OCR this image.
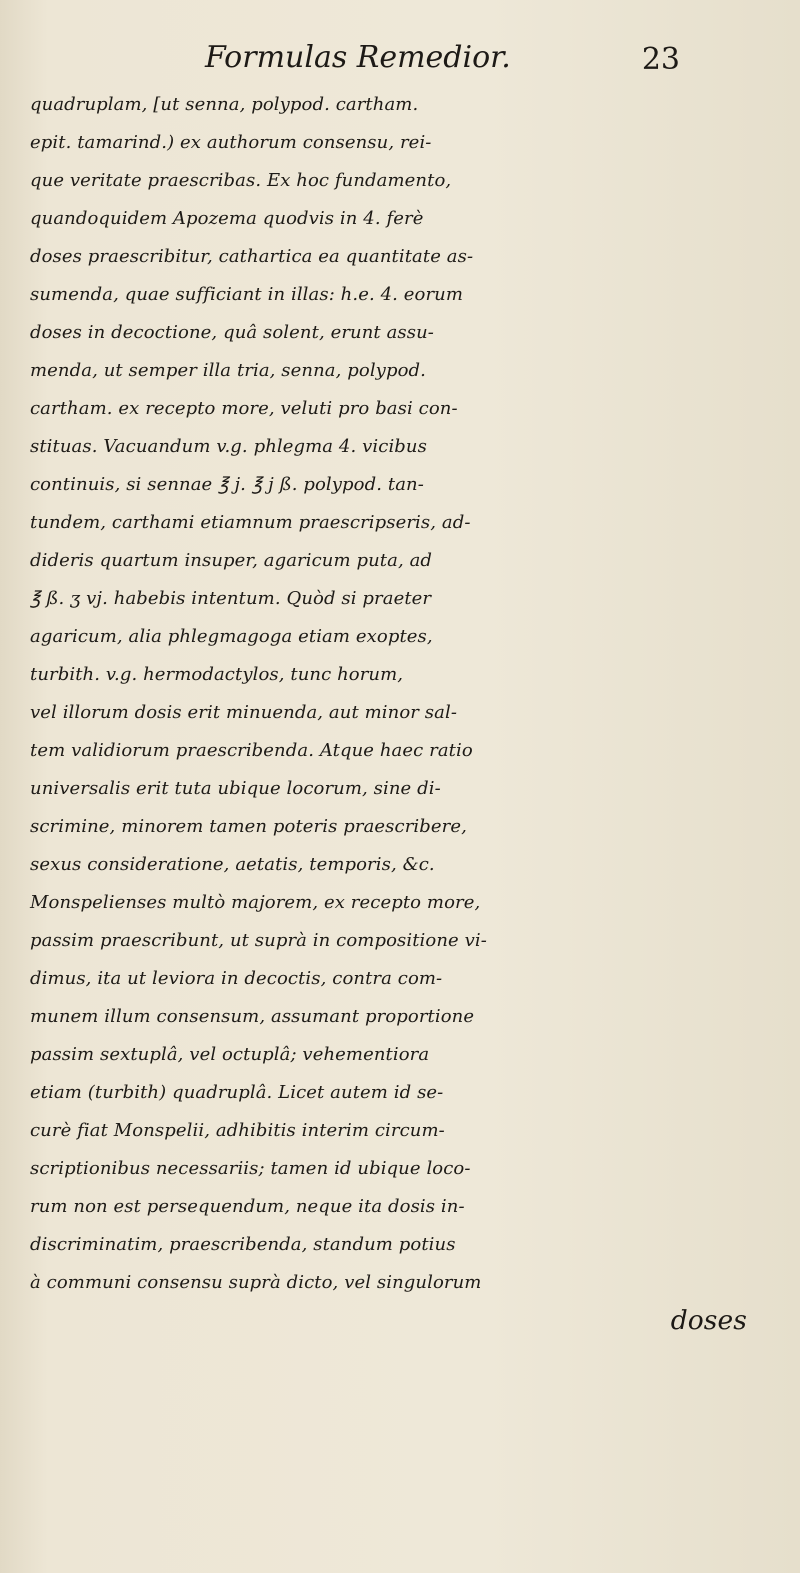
Formulas Remedior.	23
quadruplam, [ut senna, polypod. cartham.
epit. tamarind.) ex authorum consensu, rei-
que veritate praescribas. Ex hoc fundamento,
quandoquidem Apozema quodvis in 4. ferè
doses praescribitur, cathartica ea quantitate as-
sumenda, quae sufficiant in illas: h.e. 4. eorum
doses in decoctione, quâ solent, erunt assu-
menda, ut semper illa tria, senna, polypod.
cartham. ex recepto more, veluti pro basi con-
stituas. Vacuandum v.g. phlegma 4. vicibus
continuis, si sennae ℥ j. ℥ j ß. polypod. tan-
tundem, carthami etiamnum praescripseris, ad-
dideris quartum insuper, agaricum puta, ad
℥ ß. ʒ vj. habebis intentum. Quòd si praeter
agaricum, alia phlegmagoga etiam exoptes,
turbith. v.g. hermodactylos, tunc horum,
vel illorum dosis erit minuenda, aut minor sal-
tem validiorum praescribenda. Atque haec ratio
universalis erit tuta ubique locorum, sine di-
scrimine, minorem tamen poteris praescribere,
sexus consideratione, aetatis, temporis, &c.
Monspelienses multò majorem, ex recepto more,
passim praescribunt, ut suprà in compositione vi-
dimus, ita ut leviora in decoctis, contra com-
munem illum consensum, assumant proportione
passim sextuplâ, vel octuplâ; vehementiora
etiam (turbith) quadruplâ. Licet autem id se-
curè fiat Monspelii, adhibitis interim circum-
scriptionibus necessariis; tamen id ubique loco-
rum non est persequendum, neque ita dosis in-
discriminatim, praescribenda, standum potius
à communi consensu suprà dicto, vel singulorum
doses
